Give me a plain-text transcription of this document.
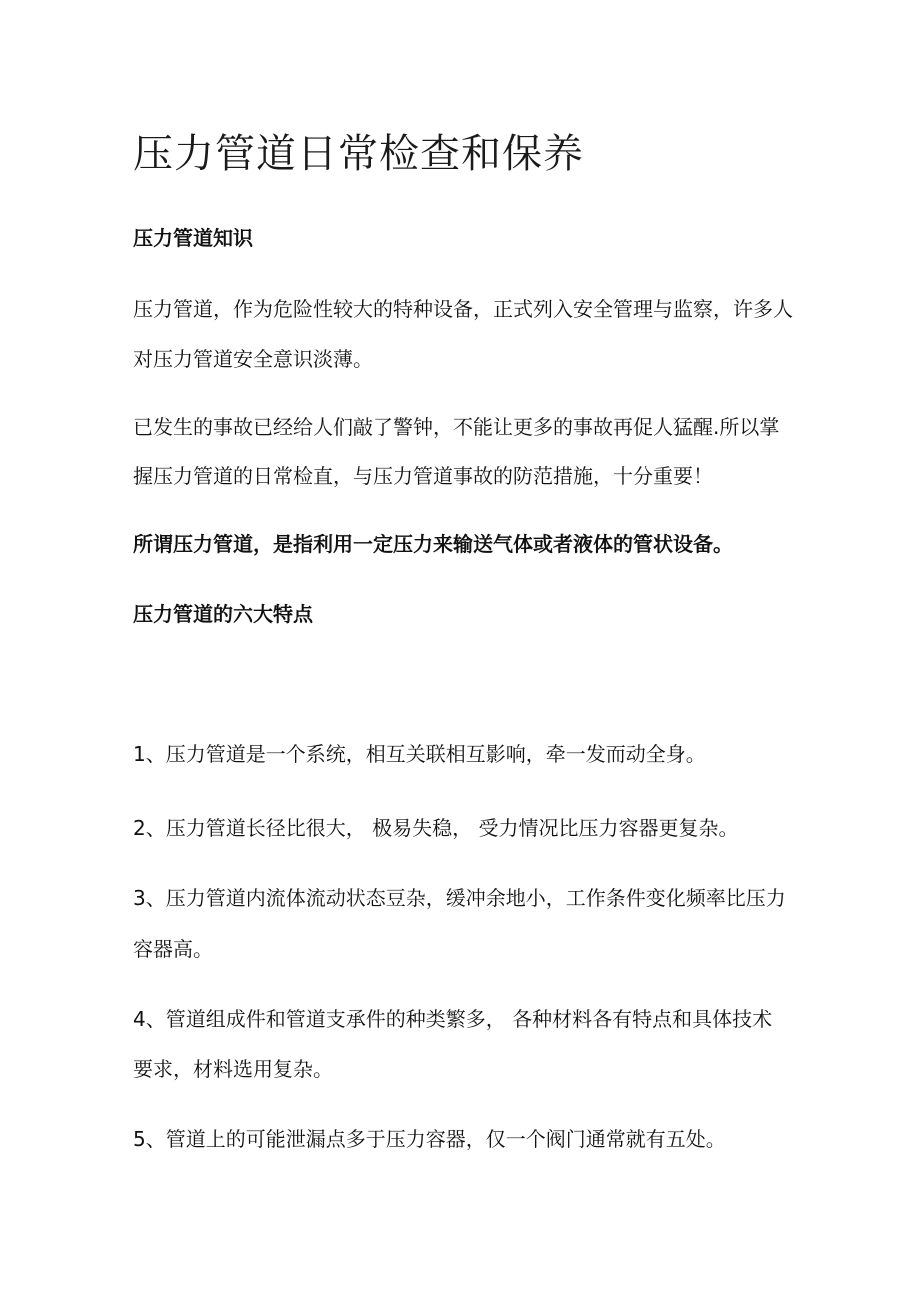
压力管道日常检查和保养
压力管道知识

压力管道，作为危险性较大的特种设备，正式列入安全管理与监察，许多人

对压力管道安全意识淡薄。

已发生的事故已经给人们敲了警钟，不能让更多的事故再促人猛醒.所以掌

握压力管道的日常检直，与压力管道事故的防范措施，十分重要！

所谓压力管道，是指利用一定压力来输送气体或者液体的管状设备。

压力管道的六大特点

1、压力管道是一个系统，相互关联相互影响，牵一发而动全身。

2、压力管道长径比很大， 极易失稳， 受力情况比压力容器更复杂。

3、压力管道内流体流动状态豆杂，缓冲余地小，工作条件变化频率比压力

容器高。

4、管道组成件和管道支承件的种类繁多， 各种材料各有特点和具体技术

要求，材料选用复杂。

5、管道上的可能泄漏点多于压力容器，仅一个阀门通常就有五处。
